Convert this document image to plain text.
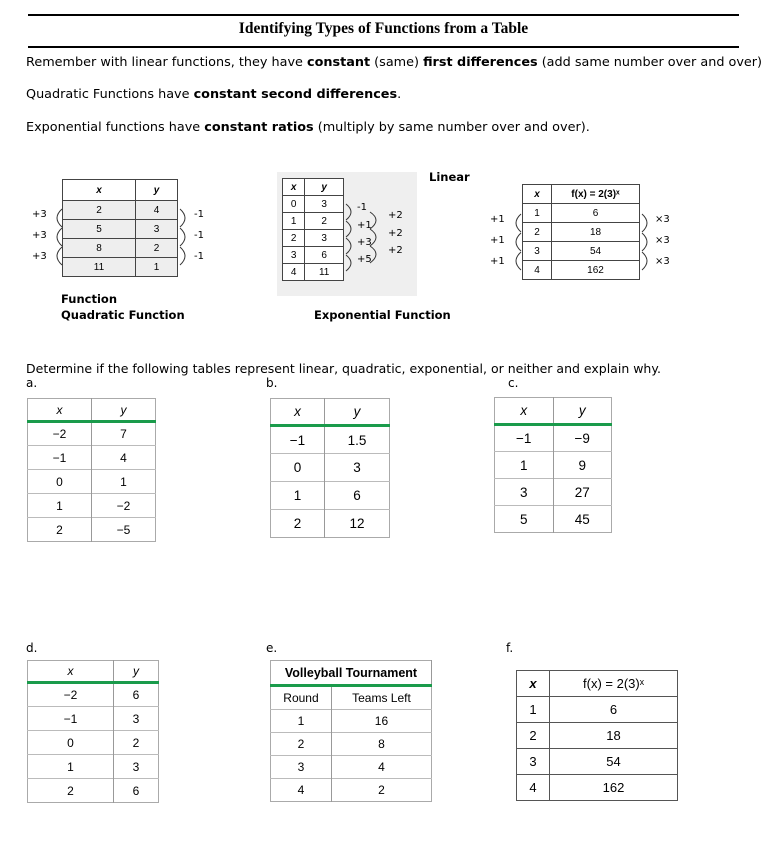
Identifying Types of Functions from a Table
Remember with linear functions, they have constant (same) first differences (add same number over and over)
Quadratic Functions have constant second differences.
Exponential functions have constant ratios (multiply by same number over and over).
x	y
2	4
5	3
8	2
11	1
+3
+3
+3
-1
-1
-1
Function
Quadratic Function
x	y
0	3
1	2
2	3
3	6
4	11
-1
+1
+3
+5
+2
+2
+2
Linear
Exponential Function
x	f(x) = 2(3)ˣ
1	6
2	18
3	54
4	162
+1
+1
+1
×3
×3
×3
Determine if the following tables represent linear, quadratic, exponential, or neither and explain why.
a.	b.	c.
x	y
−2	7
−1	4
0	1
1	−2
2	−5
x	y
−1	1.5
0	3
1	6
2	12
x	y
−1	−9
1	9
3	27
5	45
d.	e.	f.
x	y
−2	6
−1	3
0	2
1	3
2	6
Volleyball Tournament	
Round	Teams Left
1	16
2	8
3	4
4	2
x	f(x) = 2(3)ˣ
1	6
2	18
3	54
4	162
